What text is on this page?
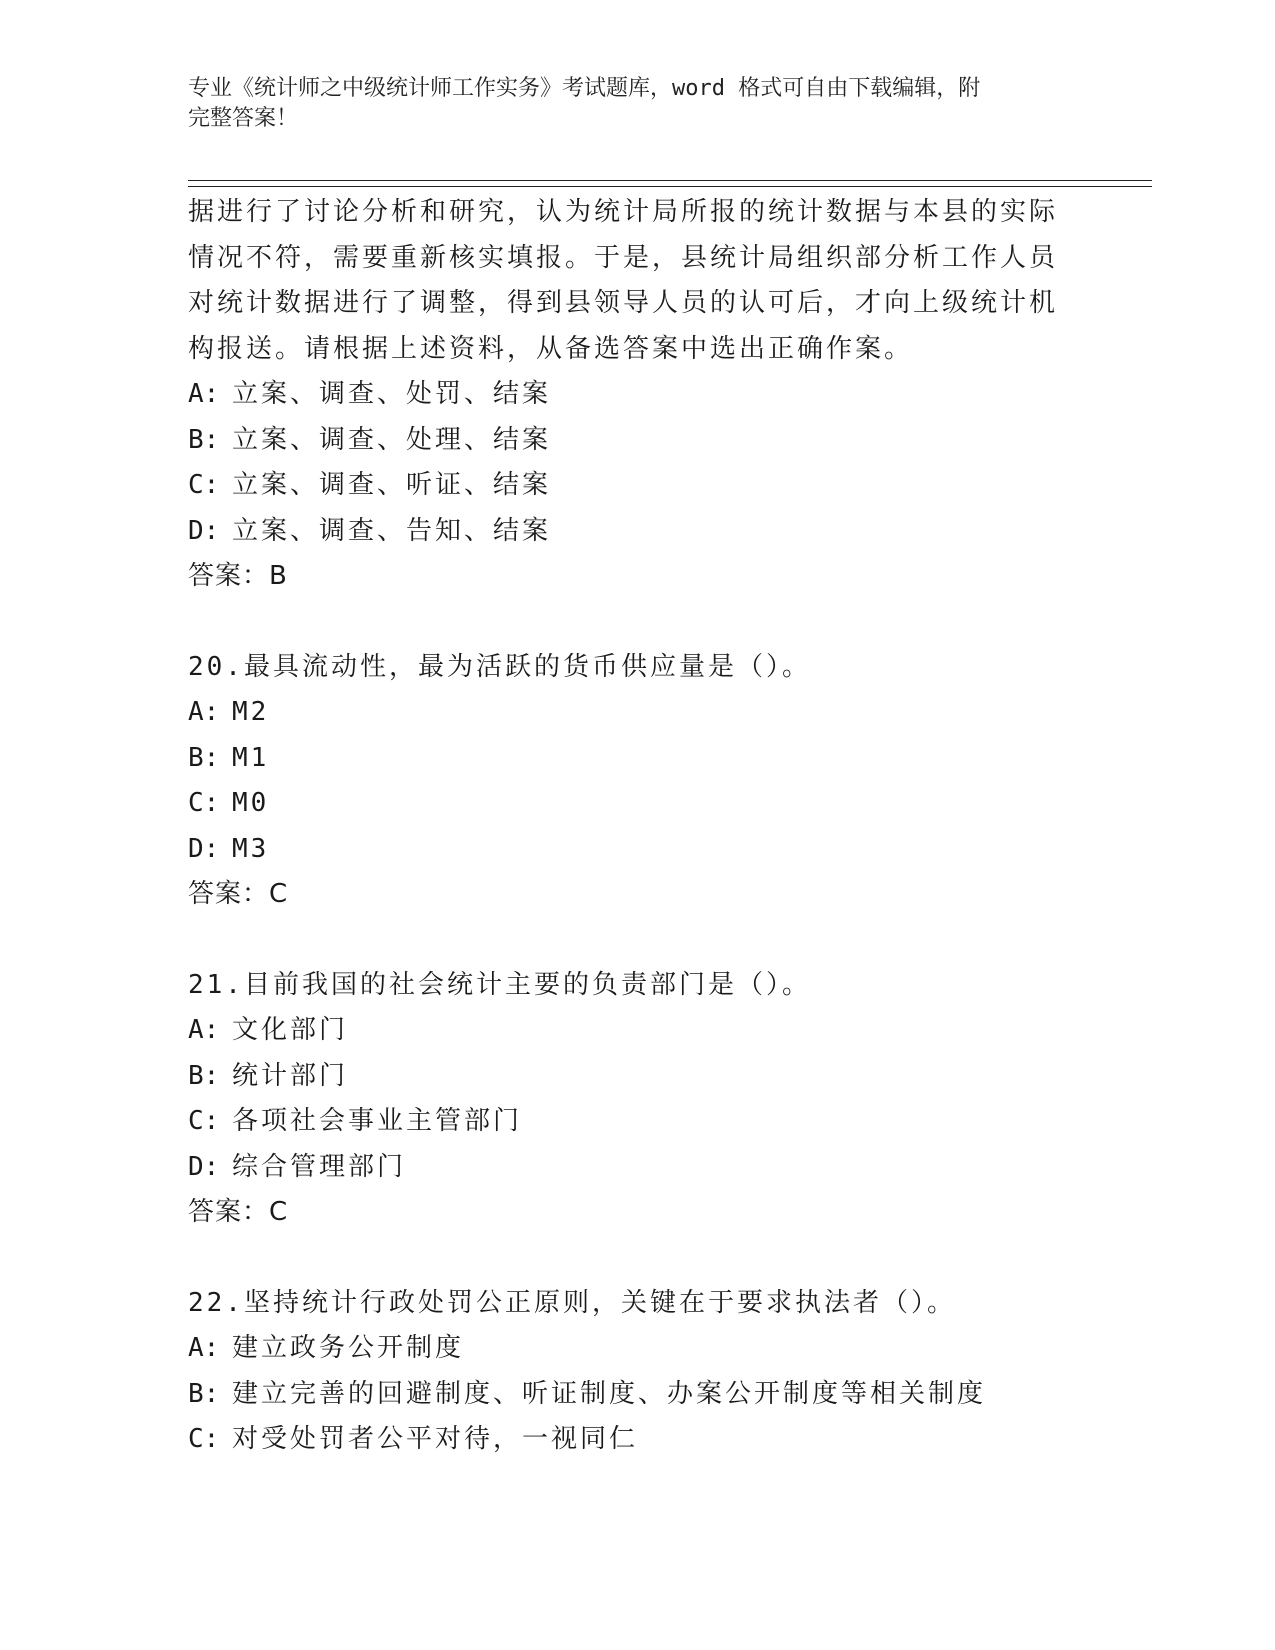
专业《统计师之中级统计师工作实务》考试题库，word 格式可自由下载编辑，附
完整答案！
据进行了讨论分析和研究，认为统计局所报的统计数据与本县的实际
情况不符，需要重新核实填报。于是，县统计局组织部分析工作人员
对统计数据进行了调整，得到县领导人员的认可后，才向上级统计机
构报送。请根据上述资料，从备选答案中选出正确作案。
A: 立案、调查、处罚、结案
B: 立案、调查、处理、结案
C: 立案、调查、听证、结案
D: 立案、调查、告知、结案
答案：B
20.最具流动性，最为活跃的货币供应量是（）。
A: M2
B: M1
C: M0
D: M3
答案：C
21.目前我国的社会统计主要的负责部门是（）。
A: 文化部门
B: 统计部门
C: 各项社会事业主管部门
D: 综合管理部门
答案：C
22.坚持统计行政处罚公正原则，关键在于要求执法者（）。
A: 建立政务公开制度
B: 建立完善的回避制度、听证制度、办案公开制度等相关制度
C: 对受处罚者公平对待，一视同仁
